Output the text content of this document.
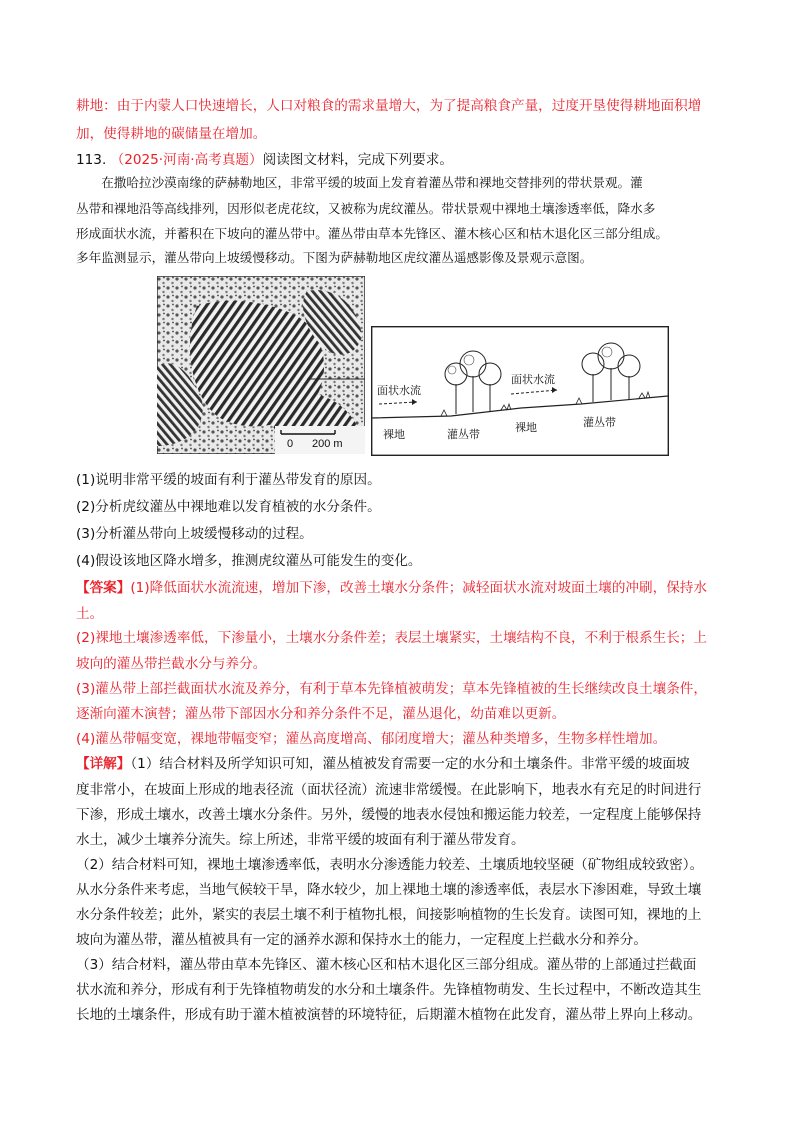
耕地：由于内蒙人口快速增长，人口对粮食的需求量增大，为了提高粮食产量，过度开垦使得耕地面积增

加，使得耕地的碳储量在增加。

113. （2025·河南·高考真题）阅读图文材料，完成下列要求。

在撒哈拉沙漠南缘的萨赫勒地区，非常平缓的坡面上发育着灌丛带和裸地交替排列的带状景观。灌

丛带和裸地沿等高线排列，因形似老虎花纹，又被称为虎纹灌丛。带状景观中裸地土壤渗透率低，降水多

形成面状水流，并蓄积在下坡向的灌丛带中。灌丛带由草本先锋区、灌木核心区和枯木退化区三部分组成。

多年监测显示，灌丛带向上坡缓慢移动。下图为萨赫勒地区虎纹灌丛遥感影像及景观示意图。

0 200 m
面状水流
面状水流
裸地	灌丛带
裸地	灌丛带

(1)说明非常平缓的坡面有利于灌丛带发育的原因。

(2)分析虎纹灌丛中裸地难以发育植被的水分条件。

(3)分析灌丛带向上坡缓慢移动的过程。

(4)假设该地区降水增多，推测虎纹灌丛可能发生的变化。

【答案】(1)降低面状水流流速，增加下渗，改善土壤水分条件；减轻面状水流对坡面土壤的冲刷，保持水

土。

(2)裸地土壤渗透率低，下渗量小，土壤水分条件差；表层土壤紧实，土壤结构不良，不利于根系生长；上

坡向的灌丛带拦截水分与养分。

(3)灌丛带上部拦截面状水流及养分，有利于草本先锋植被萌发；草本先锋植被的生长继续改良土壤条件，

逐渐向灌木演替；灌丛带下部因水分和养分条件不足，灌丛退化，幼苗难以更新。

(4)灌丛带幅变宽，裸地带幅变窄；灌丛高度增高、郁闭度增大；灌丛种类增多，生物多样性增加。

【详解】（1）结合材料及所学知识可知，灌丛植被发育需要一定的水分和土壤条件。非常平缓的坡面坡

度非常小，在坡面上形成的地表径流（面状径流）流速非常缓慢。在此影响下，地表水有充足的时间进行

下渗，形成土壤水，改善土壤水分条件。另外，缓慢的地表水侵蚀和搬运能力较差，一定程度上能够保持

水土，减少土壤养分流失。综上所述，非常平缓的坡面有利于灌丛带发育。

（2）结合材料可知，裸地土壤渗透率低，表明水分渗透能力较差、土壤质地较坚硬（矿物组成较致密）。

从水分条件来考虑，当地气候较干旱，降水较少，加上裸地土壤的渗透率低，表层水下渗困难，导致土壤

水分条件较差；此外，紧实的表层土壤不利于植物扎根，间接影响植物的生长发育。读图可知，裸地的上

坡向为灌丛带，灌丛植被具有一定的涵养水源和保持水土的能力，一定程度上拦截水分和养分。

（3）结合材料，灌丛带由草本先锋区、灌木核心区和枯木退化区三部分组成。灌丛带的上部通过拦截面

状水流和养分，形成有利于先锋植物萌发的水分和土壤条件。先锋植物萌发、生长过程中，不断改造其生

长地的土壤条件，形成有助于灌木植被演替的环境特征，后期灌木植物在此发育，灌丛带上界向上移动。
